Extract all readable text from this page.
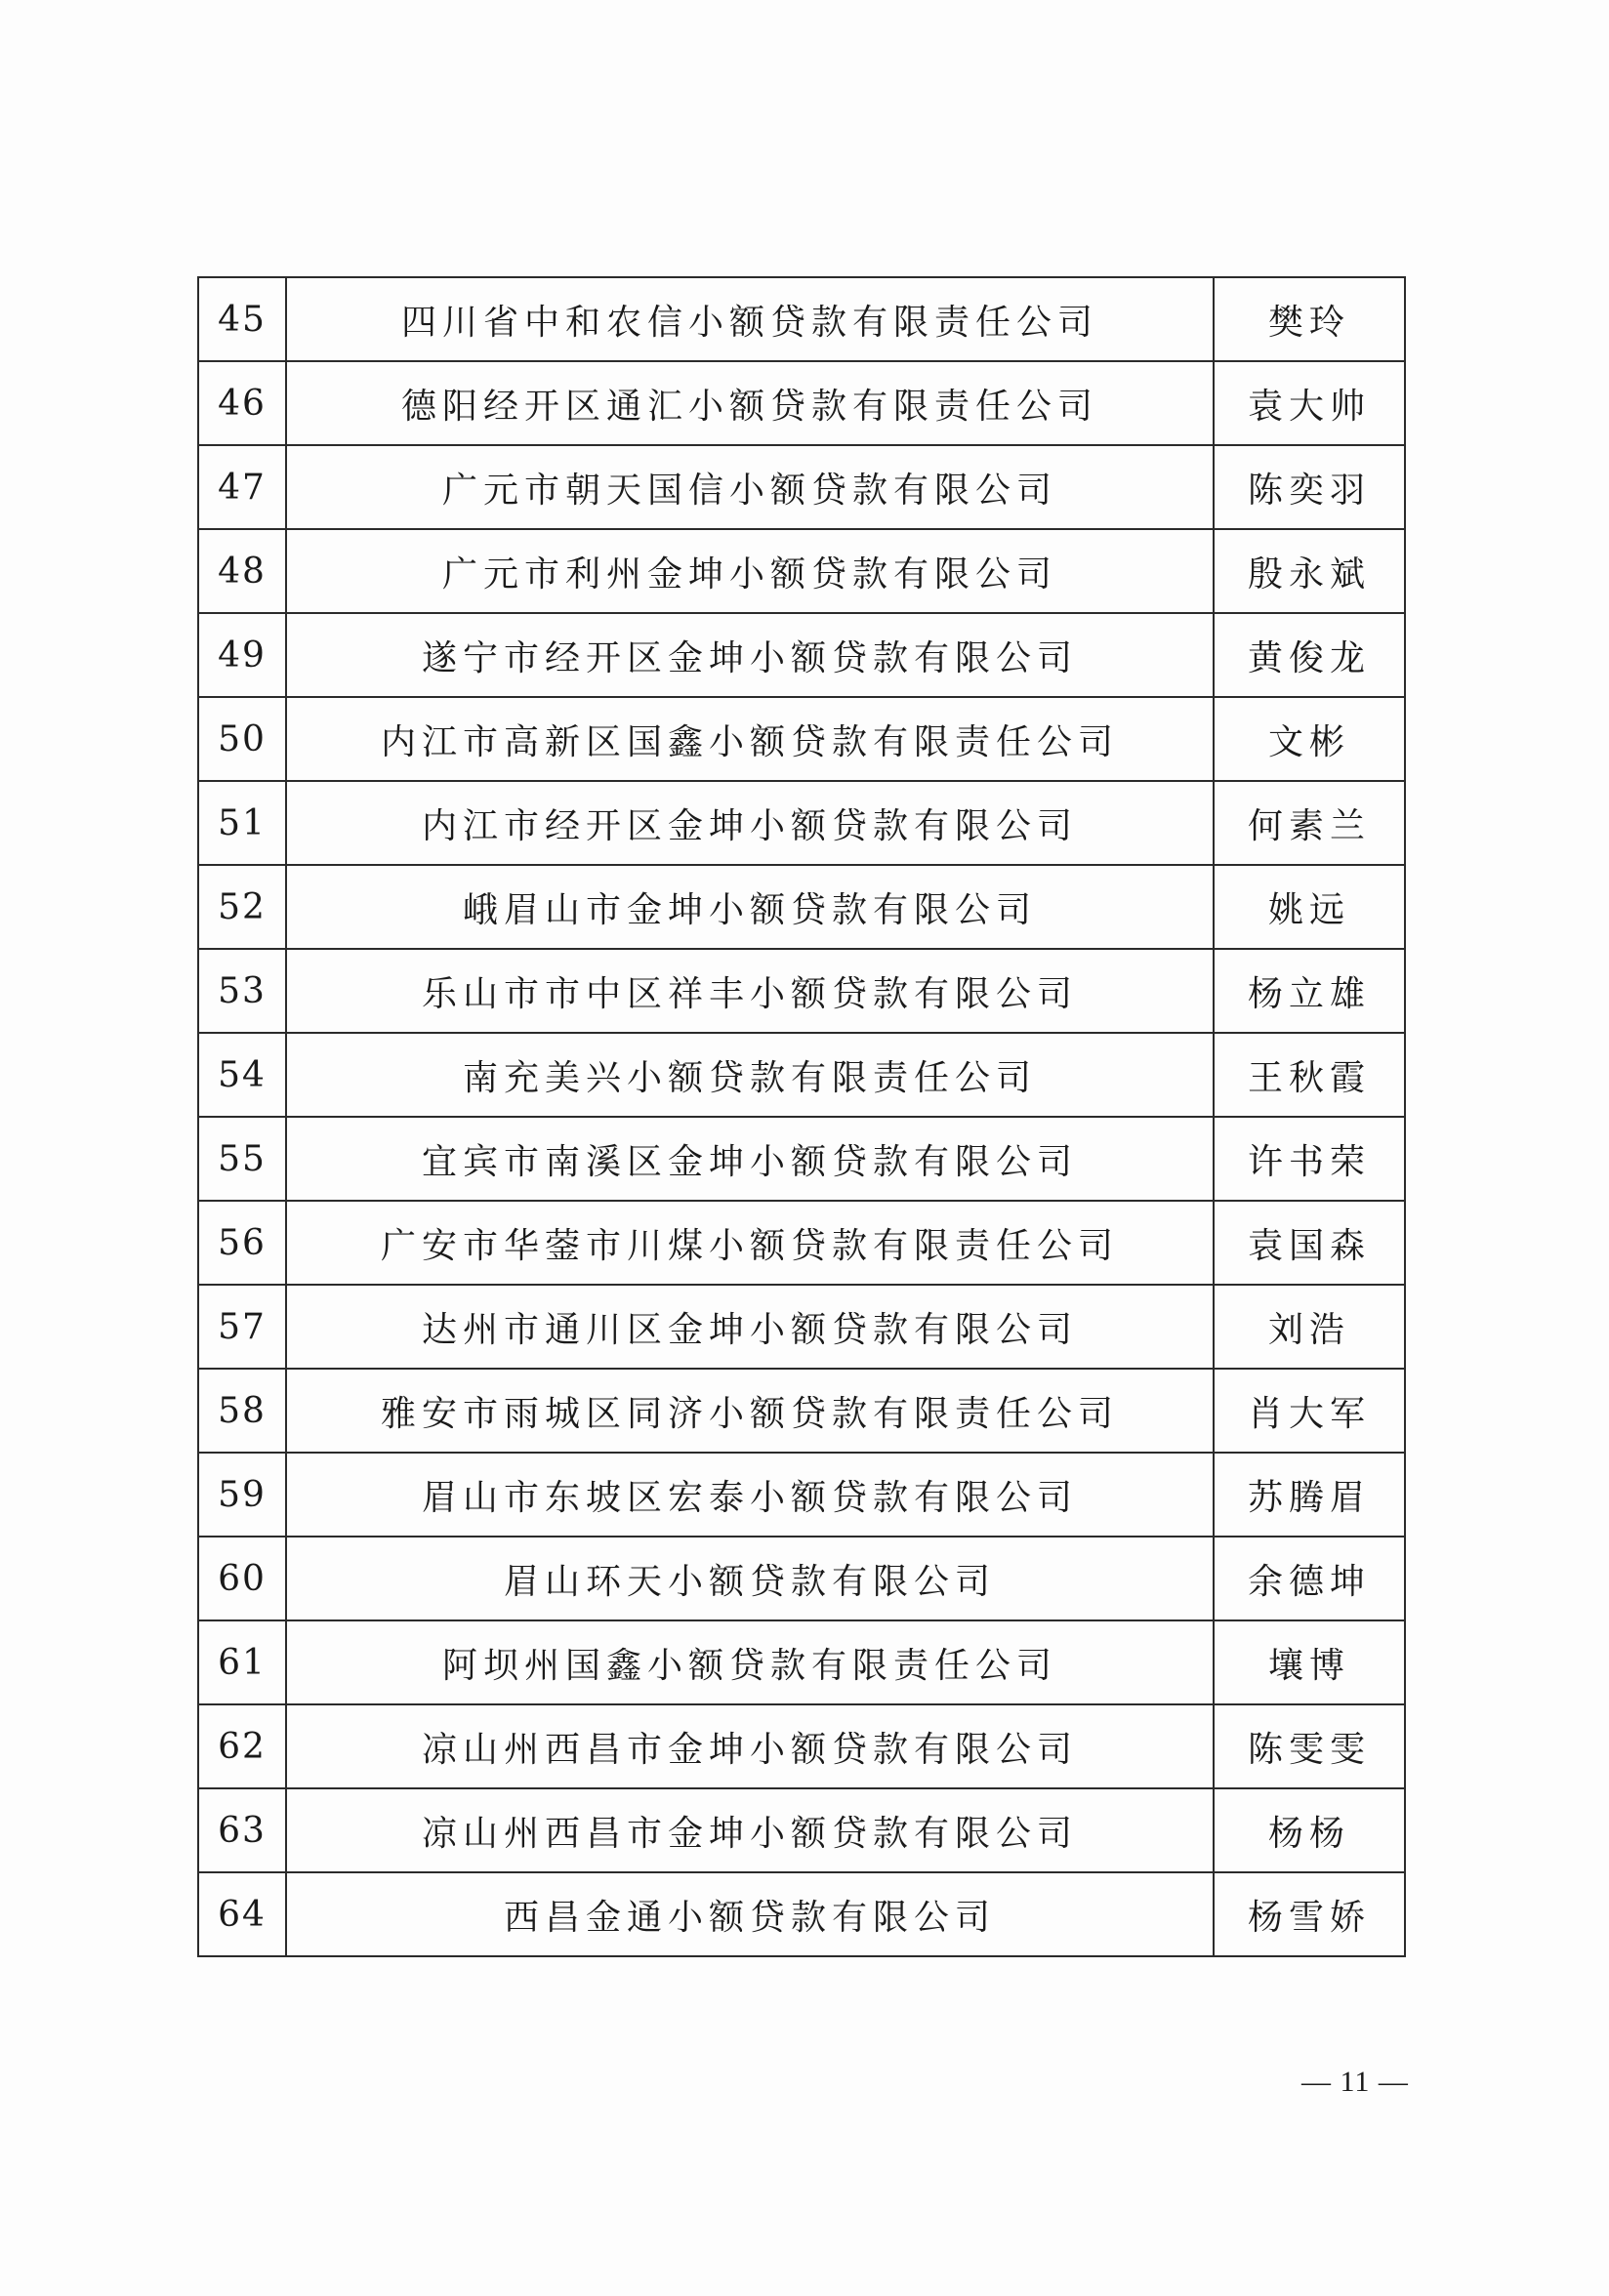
45	四川省中和农信小额贷款有限责任公司	樊玲
46	德阳经开区通汇小额贷款有限责任公司	袁大帅
47	广元市朝天国信小额贷款有限公司	陈奕羽
48	广元市利州金坤小额贷款有限公司	殷永斌
49	遂宁市经开区金坤小额贷款有限公司	黄俊龙
50	内江市高新区国鑫小额贷款有限责任公司	文彬
51	内江市经开区金坤小额贷款有限公司	何素兰
52	峨眉山市金坤小额贷款有限公司	姚远
53	乐山市市中区祥丰小额贷款有限公司	杨立雄
54	南充美兴小额贷款有限责任公司	王秋霞
55	宜宾市南溪区金坤小额贷款有限公司	许书荣
56	广安市华蓥市川煤小额贷款有限责任公司	袁国森
57	达州市通川区金坤小额贷款有限公司	刘浩
58	雅安市雨城区同济小额贷款有限责任公司	肖大军
59	眉山市东坡区宏泰小额贷款有限公司	苏腾眉
60	眉山环天小额贷款有限公司	余德坤
61	阿坝州国鑫小额贷款有限责任公司	壤博
62	凉山州西昌市金坤小额贷款有限公司	陈雯雯
63	凉山州西昌市金坤小额贷款有限公司	杨杨
64	西昌金通小额贷款有限公司	杨雪娇
— 11 —
